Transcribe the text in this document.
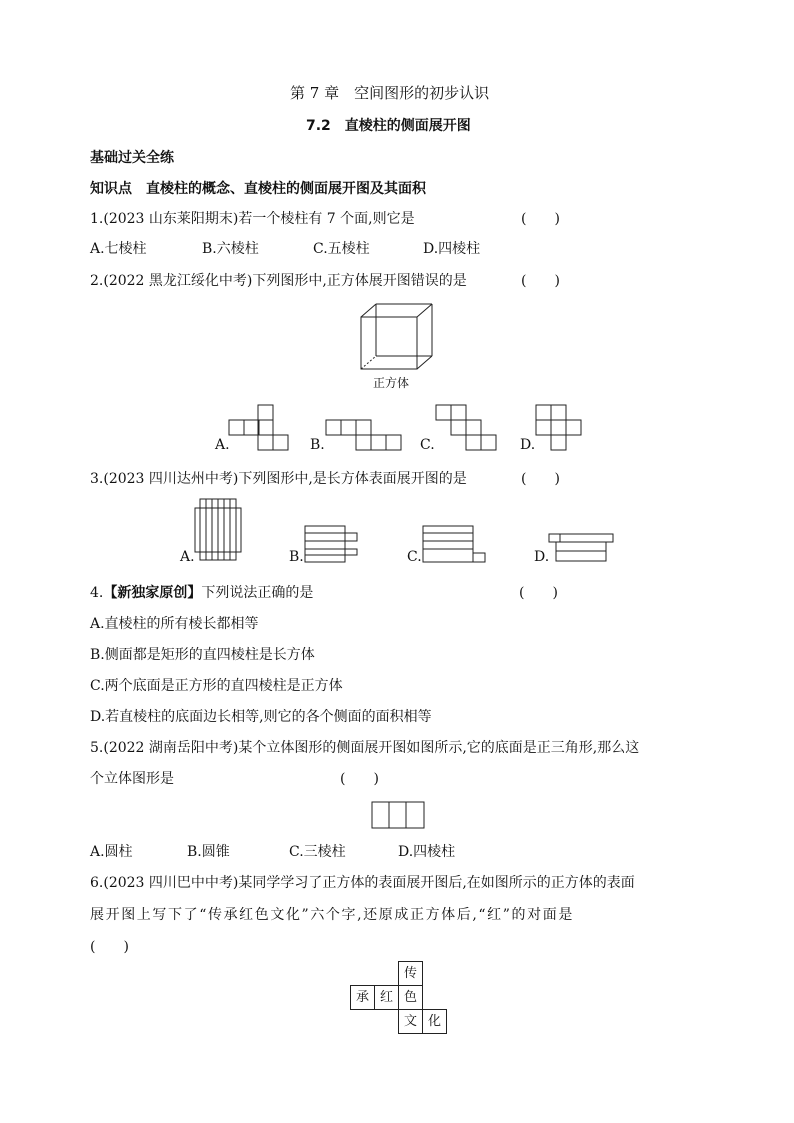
第 7 章　空间图形的初步认识
7.2　直棱柱的侧面展开图
基础过关全练
知识点　直棱柱的概念、直棱柱的侧面展开图及其面积
1.(2023 山东莱阳期末)若一个棱柱有 7 个面,则它是	(　　)
A.七棱柱	B.六棱柱	C.五棱柱	D.四棱柱
2.(2022 黑龙江绥化中考)下列图形中,正方体展开图错误的是	(　　)
正方体
A.	B.	C.	D.
3.(2023 四川达州中考)下列图形中,是长方体表面展开图的是	(　　)
A.	B.	C.	D.
4.【新独家原创】下列说法正确的是	(　　)
A.直棱柱的所有棱长都相等
B.侧面都是矩形的直四棱柱是长方体
C.两个底面是正方形的直四棱柱是正方体
D.若直棱柱的底面边长相等,则它的各个侧面的面积相等
5.(2022 湖南岳阳中考)某个立体图形的侧面展开图如图所示,它的底面是正三角形,那么这
个立体图形是	(　　)
A.圆柱	B.圆锥	C.三棱柱	D.四棱柱
6.(2023 四川巴中中考)某同学学习了正方体的表面展开图后,在如图所示的正方体的表面
展开图上写下了“传承红色文化”六个字,还原成正方体后,“红”的对面是
(　　)
传
承 红 色
文 化
